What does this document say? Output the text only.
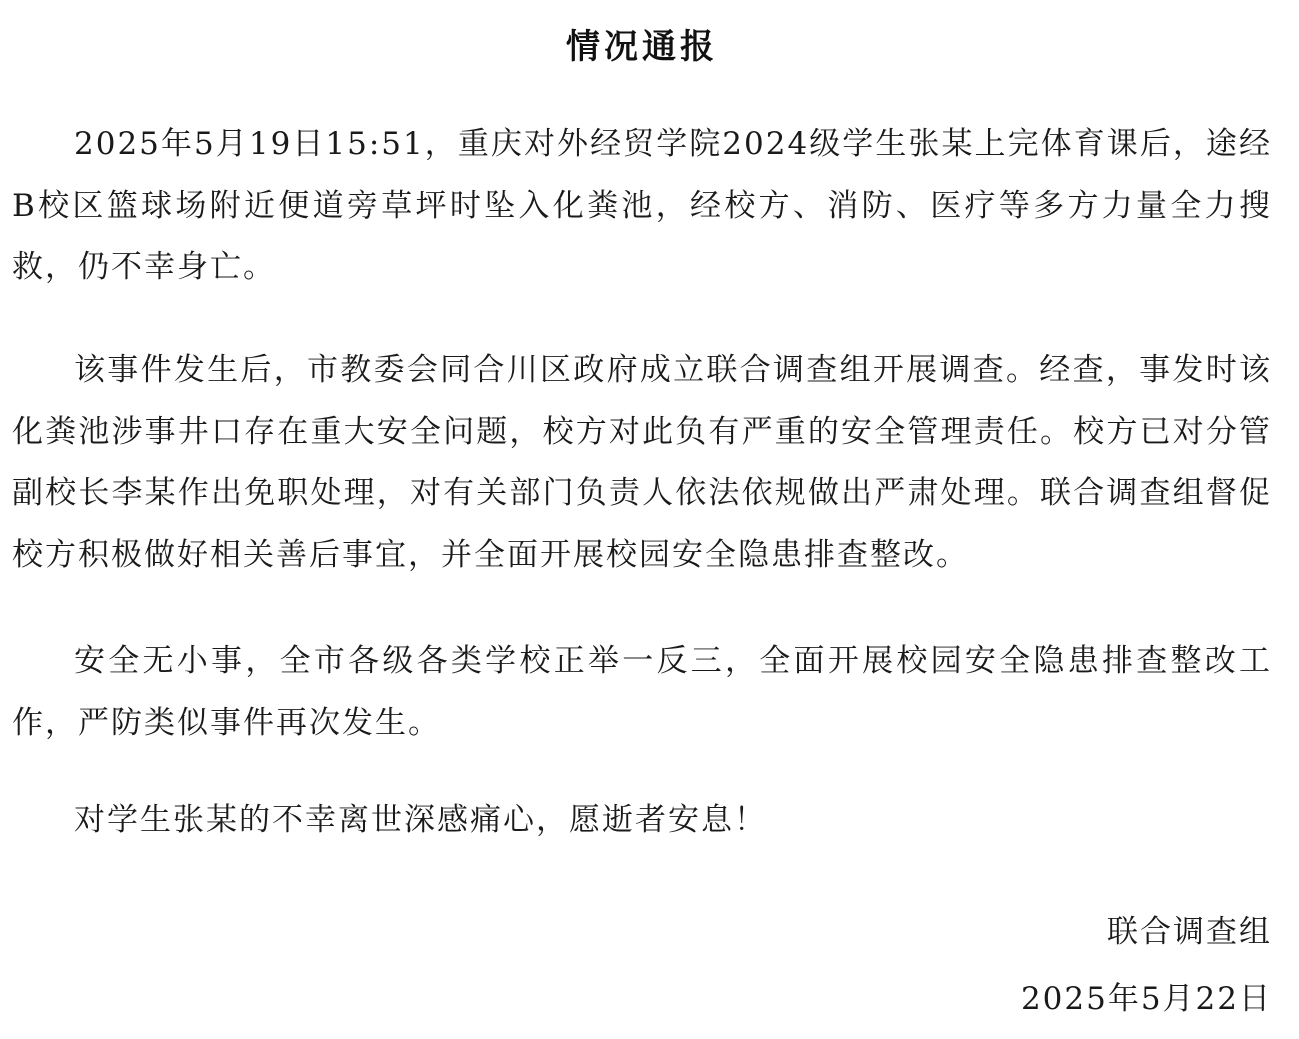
情况通报

2025年5月19日15:51，重庆对外经贸学院2024级学生张某上完体育课后，途经B校区篮球场附近便道旁草坪时坠入化粪池，经校方、消防、医疗等多方力量全力搜救，仍不幸身亡。

该事件发生后，市教委会同合川区政府成立联合调查组开展调查。经查，事发时该化粪池涉事井口存在重大安全问题，校方对此负有严重的安全管理责任。校方已对分管副校长李某作出免职处理，对有关部门负责人依法依规做出严肃处理。联合调查组督促校方积极做好相关善后事宜，并全面开展校园安全隐患排查整改。

安全无小事，全市各级各类学校正举一反三，全面开展校园安全隐患排查整改工作，严防类似事件再次发生。

对学生张某的不幸离世深感痛心，愿逝者安息！

联合调查组
2025年5月22日
